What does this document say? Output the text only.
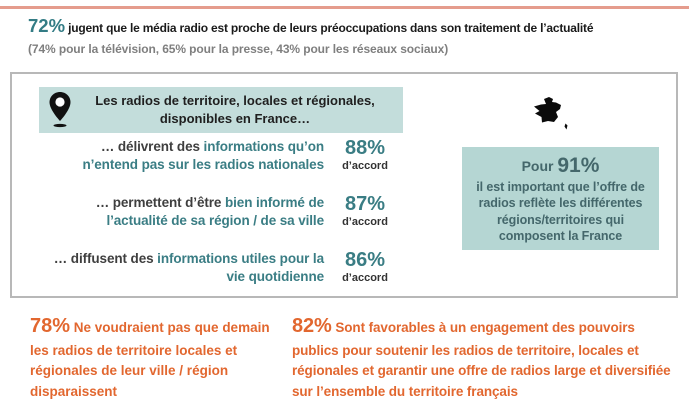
72% jugent que le média radio est proche de leurs préoccupations dans son traitement de l’actualité
(74% pour la télévision, 65% pour la presse, 43% pour les réseaux sociaux)
Les radios de territoire, locales et régionales,
disponibles en France…
… délivrent des informations qu’on n’entend pas sur les radios nationales
88%
d’accord
… permettent d’être bien informé de l’actualité de sa région / de sa ville
87%
d’accord
… diffusent des informations utiles pour la vie quotidienne
86%
d’accord
Pour 91%
il est important que l’offre de radios reflète les différentes régions/territoires qui composent la France
78% Ne voudraient pas que demain les radios de territoire locales et régionales de leur ville / région disparaissent
82% Sont favorables à un engagement des pouvoirs publics pour soutenir les radios de territoire, locales et régionales et garantir une offre de radios large et diversifiée sur l’ensemble du territoire français
